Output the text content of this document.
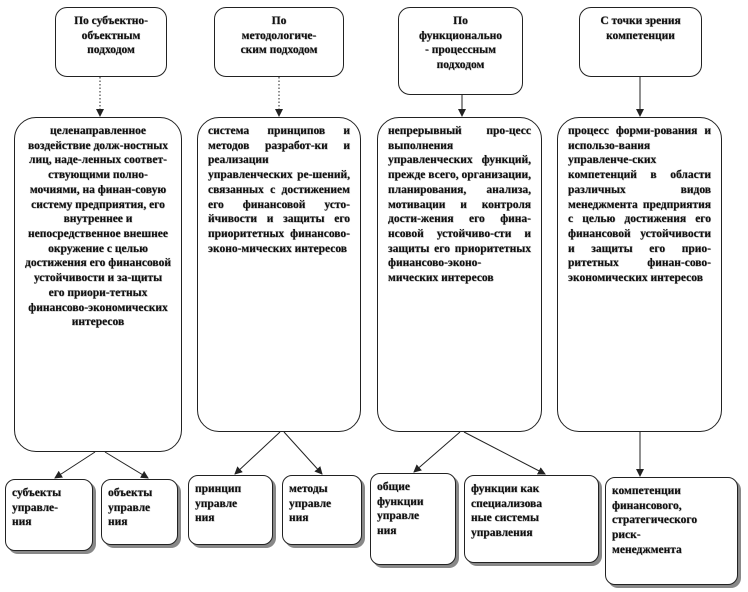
По субъектно-
объектным
подходом
По
методологиче-
ским подходом
По
функционально
- процессным
подходом
С точки зрения
компетенции
целенаправленное воздействие долж-ностных лиц, наде-ленных соответ-ствующими полно-мочиями, на финан-совую систему предприятия, его внутреннее и непосредственное внешнее окружение с целью достижения его финансовой устойчивости и за-щиты его приори-тетных финансово-экономических интересов
система принципов и методов разработ-ки и реализации управленческих ре-шений, связанных с достижением его финансовой усто-йчивости и защиты его приоритетных финансово-эконо-мических интересов
непрерывный про-цесс выполнения управленческих функций, прежде всего, организации, планирования, анализа, мотивации и контроля дости-жения его фина-нсовой устойчиво-сти и защиты его приоритетных финансово-эконо-мических интересов
процесс форми-рования и использо-вания управленче-ских компетенций в области различных видов менеджмента предприятия с целью достижения его финансовой устойчивости и защиты его прио-ритетных финан-сово-экономических интересов
субъекты
управле-
ния
объекты
управле
ния
принцип
управле
ния
методы
управле
ния
общие
функции
управле
ния
функции как
специализова
ные системы
управления
компетенции
финансового,
стратегического
риск-
менеджмента
